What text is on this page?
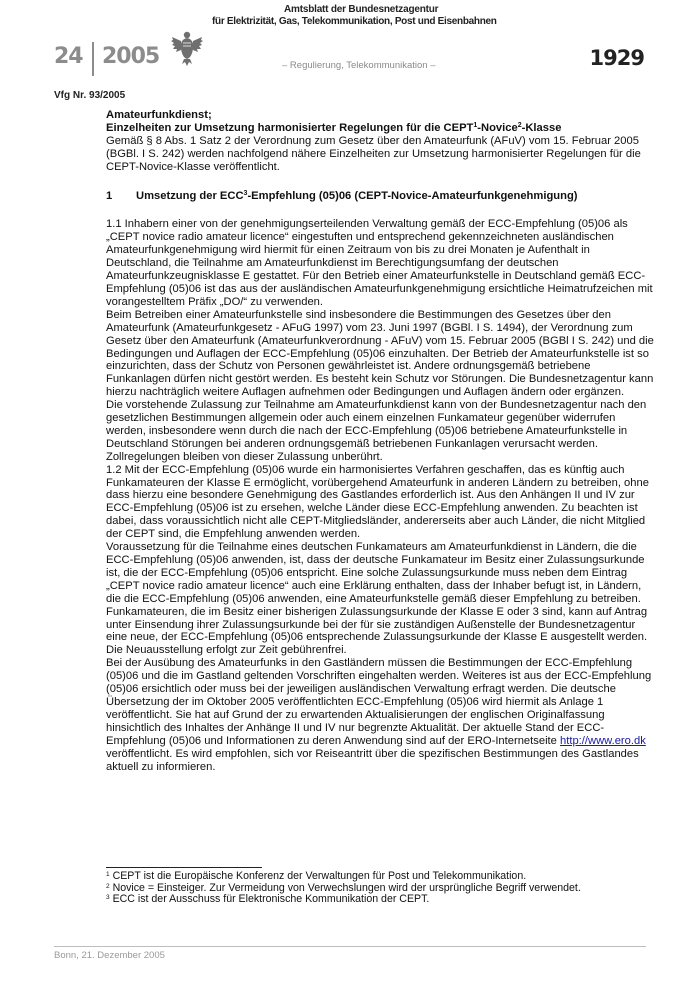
24 2005
Amtsblatt der Bundesnetzagentur
für Elektrizität, Gas, Telekommunikation, Post und Eisenbahnen
– Regulierung, Telekommunikation –	1929
Vfg Nr. 93/2005

Amateurfunkdienst;

Einzelheiten zur Umsetzung harmonisierter Regelungen für die CEPT$^1$-Novice$^2$-Klasse

Gemäß § 8 Abs. 1 Satz 2 der Verordnung zum Gesetz über den Amateurfunk (AFuV) vom 15. Februar 2005 (BGBl. I S. 242) werden nachfolgend nähere Einzelheiten zur Umsetzung harmonisierter Regelungen für die CEPT-Novice-Klasse veröffentlicht.

1	Umsetzung der ECC$^3$-Empfehlung (05)06 (CEPT-Novice-Amateurfunkgenehmigung)

1.1 Inhabern einer von der genehmigungserteilenden Verwaltung gemäß der ECC-Empfehlung (05)06 als „CEPT novice radio amateur licence“ eingestuften und entsprechend gekennzeichneten ausländischen Amateurfunkgenehmigung wird hiermit für einen Zeitraum von bis zu drei Monaten je Aufenthalt in Deutschland, die Teilnahme am Amateurfunkdienst im Berechtigungsumfang der deutschen Amateurfunkzeugnisklasse E gestattet. Für den Betrieb einer Amateurfunkstelle in Deutschland gemäß ECC-Empfehlung (05)06 ist das aus der ausländischen Amateurfunkgenehmigung ersichtliche Heimatrufzeichen mit vorangestelltem Präfix „DO/“ zu verwenden.

Beim Betreiben einer Amateurfunkstelle sind insbesondere die Bestimmungen des Gesetzes über den Amateurfunk (Amateurfunkgesetz - AFuG 1997) vom 23. Juni 1997 (BGBl. I S. 1494), der Verordnung zum Gesetz über den Amateurfunk (Amateurfunkverordnung - AFuV) vom 15. Februar 2005 (BGBl I S. 242) und die Bedingungen und Auflagen der ECC-Empfehlung (05)06 einzuhalten. Der Betrieb der Amateurfunkstelle ist so einzurichten, dass der Schutz von Personen gewährleistet ist. Andere ordnungsgemäß betriebene Funkanlagen dürfen nicht gestört werden. Es besteht kein Schutz vor Störungen. Die Bundesnetzagentur kann hierzu nachträglich weitere Auflagen aufnehmen oder Bedingungen und Auflagen ändern oder ergänzen.

Die vorstehende Zulassung zur Teilnahme am Amateurfunkdienst kann von der Bundesnetzagentur nach den gesetzlichen Bestimmungen allgemein oder auch einem einzelnen Funkamateur gegenüber widerrufen werden, insbesondere wenn durch die nach der ECC-Empfehlung (05)06 betriebene Amateurfunkstelle in Deutschland Störungen bei anderen ordnungsgemäß betriebenen Funkanlagen verursacht werden. Zollregelungen bleiben von dieser Zulassung unberührt.

1.2 Mit der ECC-Empfehlung (05)06 wurde ein harmonisiertes Verfahren geschaffen, das es künftig auch Funkamateuren der Klasse E ermöglicht, vorübergehend Amateurfunk in anderen Ländern zu betreiben, ohne dass hierzu eine besondere Genehmigung des Gastlandes erforderlich ist. Aus den Anhängen II und IV zur ECC-Empfehlung (05)06 ist zu ersehen, welche Länder diese ECC-Empfehlung anwenden. Zu beachten ist dabei, dass voraussichtlich nicht alle CEPT-Mitgliedsländer, andererseits aber auch Länder, die nicht Mitglied der CEPT sind, die Empfehlung anwenden werden.

Voraussetzung für die Teilnahme eines deutschen Funkamateurs am Amateurfunkdienst in Ländern, die die ECC-Empfehlung (05)06 anwenden, ist, dass der deutsche Funkamateur im Besitz einer Zulassungsurkunde ist, die der ECC-Empfehlung (05)06 entspricht. Eine solche Zulassungsurkunde muss neben dem Eintrag „CEPT novice radio amateur licence“ auch eine Erklärung enthalten, dass der Inhaber befugt ist, in Ländern, die die ECC-Empfehlung (05)06 anwenden, eine Amateurfunkstelle gemäß dieser Empfehlung zu betreiben. Funkamateuren, die im Besitz einer bisherigen Zulassungsurkunde der Klasse E oder 3 sind, kann auf Antrag unter Einsendung ihrer Zulassungsurkunde bei der für sie zuständigen Außenstelle der Bundesnetzagentur eine neue, der ECC-Empfehlung (05)06 entsprechende Zulassungsurkunde der Klasse E ausgestellt werden. Die Neuausstellung erfolgt zur Zeit gebührenfrei.

Bei der Ausübung des Amateurfunks in den Gastländern müssen die Bestimmungen der ECC-Empfehlung (05)06 und die im Gastland geltenden Vorschriften eingehalten werden. Weiteres ist aus der ECC-Empfehlung (05)06 ersichtlich oder muss bei der jeweiligen ausländischen Verwaltung erfragt werden. Die deutsche Übersetzung der im Oktober 2005 veröffentlichten ECC-Empfehlung (05)06 wird hiermit als Anlage 1 veröffentlicht. Sie hat auf Grund der zu erwartenden Aktualisierungen der englischen Originalfassung hinsichtlich des Inhaltes der Anhänge II und IV nur begrenzte Aktualität. Der aktuelle Stand der ECC-Empfehlung (05)06 und Informationen zu deren Anwendung sind auf der ERO-Internetseite http://www.ero.dk veröffentlicht. Es wird empfohlen, sich vor Reiseantritt über die spezifischen Bestimmungen des Gastlandes aktuell zu informieren.

$^1$ CEPT ist die Europäische Konferenz der Verwaltungen für Post und Telekommunikation.

$^2$ Novice = Einsteiger. Zur Vermeidung von Verwechslungen wird der ursprüngliche Begriff verwendet.

$^3$ ECC ist der Ausschuss für Elektronische Kommunikation der CEPT.

Bonn, 21. Dezember 2005
